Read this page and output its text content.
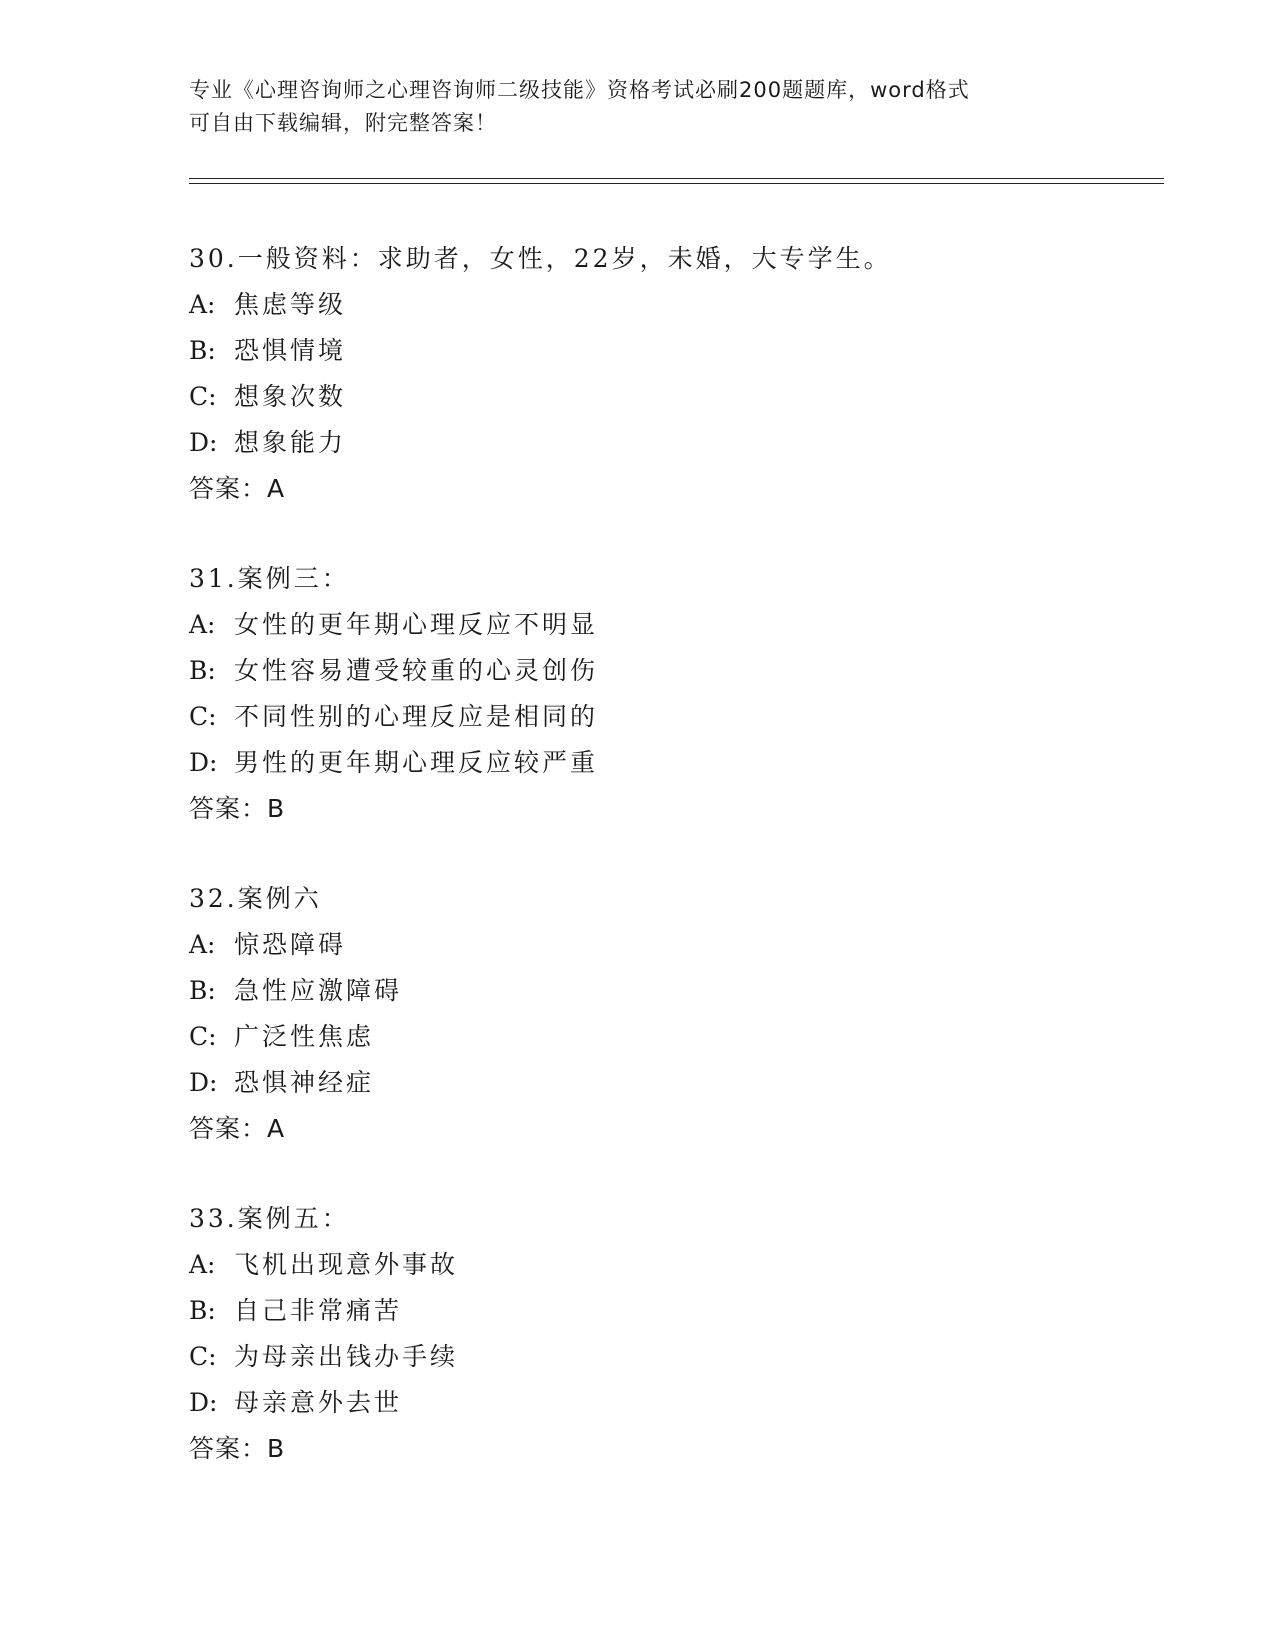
专业《心理咨询师之心理咨询师二级技能》资格考试必刷200题题库，word格式
可自由下载编辑，附完整答案！
30.一般资料：求助者，女性，22岁，未婚，大专学生。
A: 焦虑等级
B: 恐惧情境
C: 想象次数
D: 想象能力
答案：A
31.案例三：
A: 女性的更年期心理反应不明显
B: 女性容易遭受较重的心灵创伤
C: 不同性别的心理反应是相同的
D: 男性的更年期心理反应较严重
答案：B
32.案例六
A: 惊恐障碍
B: 急性应激障碍
C: 广泛性焦虑
D: 恐惧神经症
答案：A
33.案例五：
A: 飞机出现意外事故
B: 自己非常痛苦
C: 为母亲出钱办手续
D: 母亲意外去世
答案：B
